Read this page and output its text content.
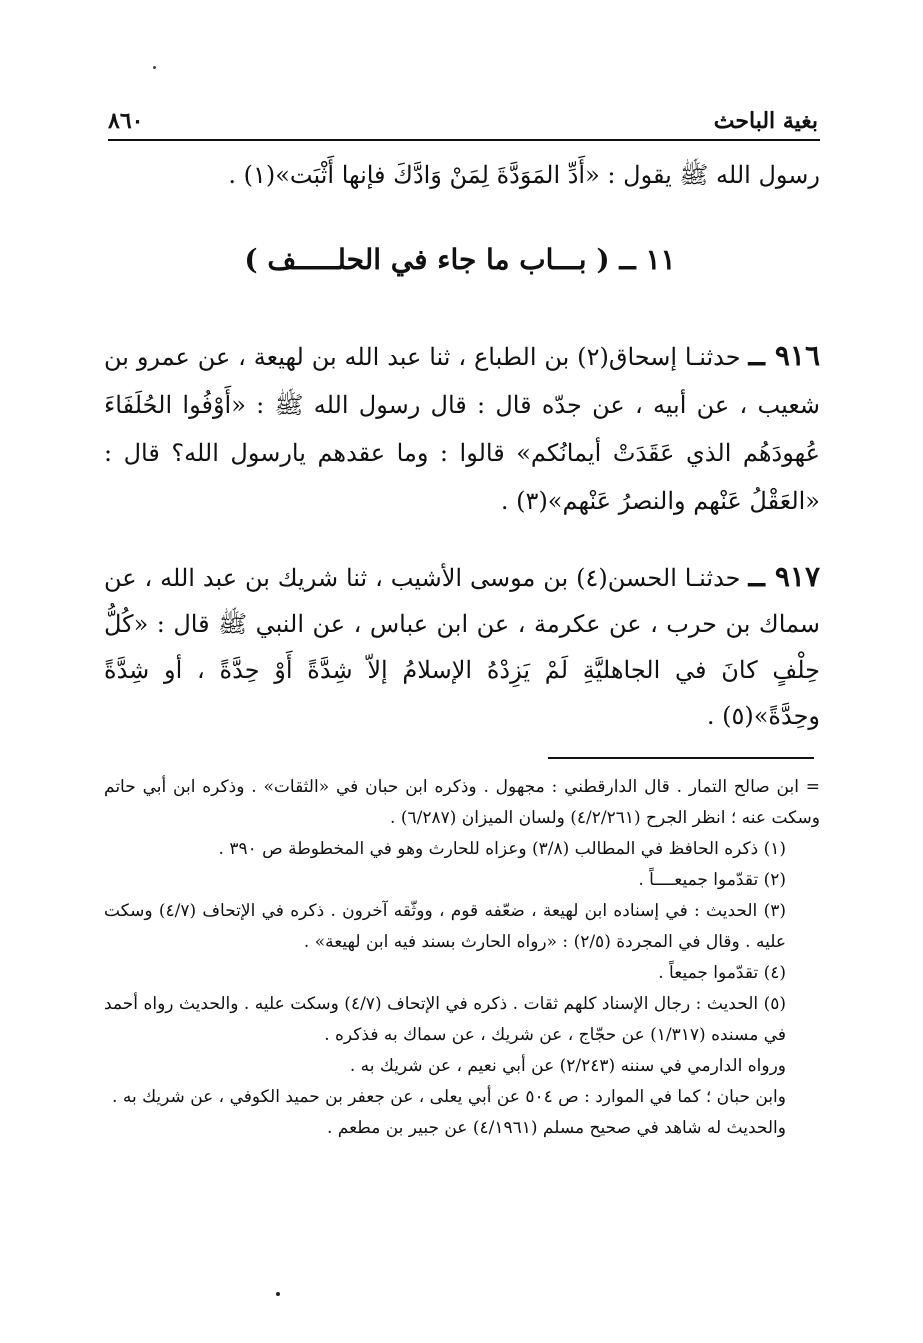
بغية الباحث
٨٦٠
رسول الله ﷺ يقول : «أَدِّ المَوَدَّةَ لِمَنْ وَادَّكَ فإنها أَثْبَت»(١) .
١١ ــ ( بـــاب ما جاء في الحلـــــف )
٩١٦ ــ حدثنـا إسحاق(٢) بن الطباع ، ثنا عبد الله بن لهيعة ، عن عمرو بن شعيب ، عن أبيه ، عن جدّه قال : قال رسول الله ﷺ : «أَوْفُوا الحُلَفَاءَ عُهودَهُم الذي عَقَدَتْ أيمانُكم» قالوا : وما عقدهم يارسول الله؟ قال : «العَقْلُ عَنْهم والنصرُ عَنْهم»(٣) .
٩١٧ ــ حدثنـا الحسن(٤) بن موسى الأشيب ، ثنا شريك بن عبد الله ، عن سماك بن حرب ، عن عكرمة ، عن ابن عباس ، عن النبي ﷺ قال : «كُلُّ حِلْفٍ كانَ في الجاهليَّةِ لَمْ يَزِدْهُ الإسلامُ إلاّ شِدَّةً أَوْ حِدَّةً ، أو شِدَّةً وحِدَّةً»(٥) .

= ابن صالح التمار . قال الدارقطني : مجهول . وذكره ابن حبان في «الثقات» . وذكره ابن أبي حاتم وسكت عنه ؛ انظر الجرح (٤/٢/٢٦١) ولسان الميزان (٦/٢٨٧) .

(١) ذكره الحافظ في المطالب (٣/٨) وعزاه للحارث وهو في المخطوطة ص ٣٩٠ .

(٢) تقدّموا جميعــــاً .

(٣) الحديث : في إسناده ابن لهيعة ، ضعّفه قوم ، ووثّقه آخرون . ذكره في الإتحاف (٤/٧) وسكت عليه . وقال في المجردة (٢/٥) : «رواه الحارث بسند فيه ابن لهيعة» .

(٤) تقدّموا جميعاً .

(٥) الحديث : رجال الإسناد كلهم ثقات . ذكره في الإتحاف (٤/٧) وسكت عليه . والحديث رواه أحمد في مسنده (١/٣١٧) عن حجّاج ، عن شريك ، عن سماك به فذكره .

ورواه الدارمي في سننه (٢/٢٤٣) عن أبي نعيم ، عن شريك به .

وابن حبان ؛ كما في الموارد : ص ٥٠٤ عن أبي يعلى ، عن جعفر بن حميد الكوفي ، عن شريك به .

والحديث له شاهد في صحيح مسلم (٤/١٩٦١) عن جبير بن مطعم .
